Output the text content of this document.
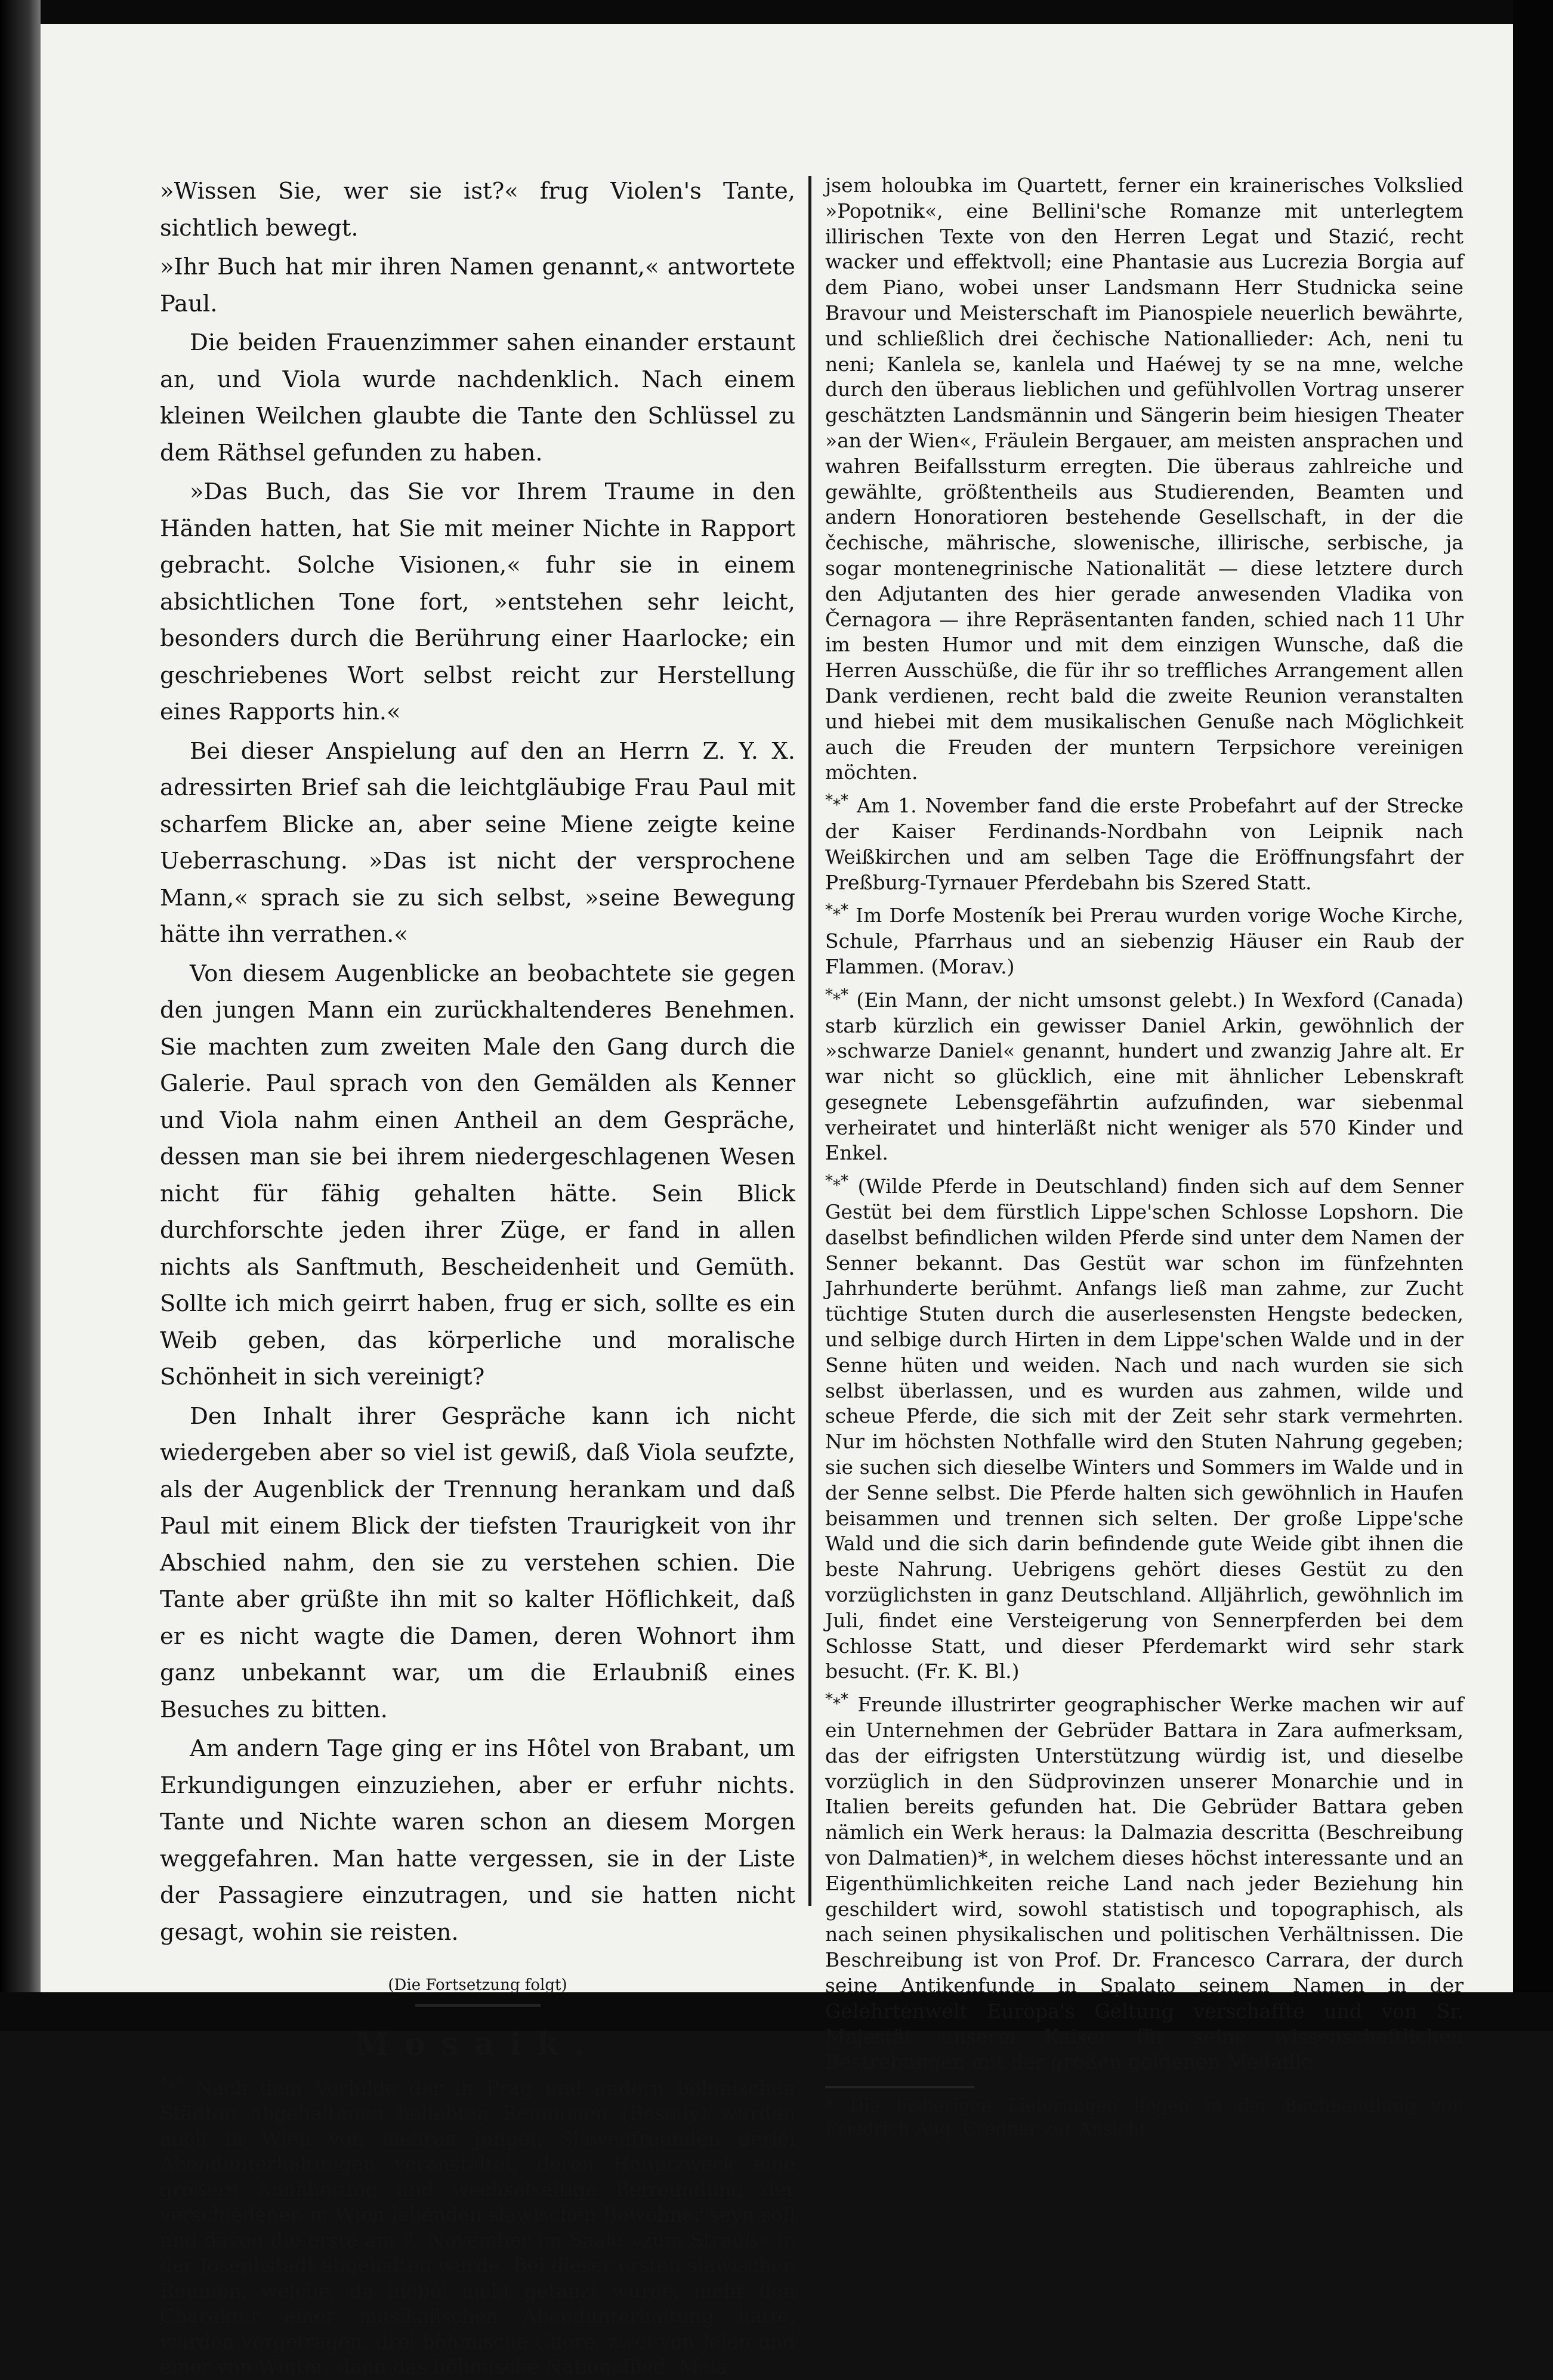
»Wissen Sie, wer sie ist?« frug Violen's Tante, sichtlich bewegt.

»Ihr Buch hat mir ihren Namen genannt,« antwortete Paul.

Die beiden Frauenzimmer sahen einander erstaunt an, und Viola wurde nachdenklich. Nach einem kleinen Weilchen glaubte die Tante den Schlüssel zu dem Räthsel gefunden zu haben.

»Das Buch, das Sie vor Ihrem Traume in den Händen hatten, hat Sie mit meiner Nichte in Rapport gebracht. Solche Visionen,« fuhr sie in einem absichtlichen Tone fort, »entstehen sehr leicht, besonders durch die Berührung einer Haarlocke; ein geschriebenes Wort selbst reicht zur Herstellung eines Rapports hin.«

Bei dieser Anspielung auf den an Herrn Z. Y. X. adressirten Brief sah die leichtgläubige Frau Paul mit scharfem Blicke an, aber seine Miene zeigte keine Ueberraschung. »Das ist nicht der versprochene Mann,« sprach sie zu sich selbst, »seine Bewegung hätte ihn verrathen.«

Von diesem Augenblicke an beobachtete sie gegen den jungen Mann ein zurückhaltenderes Benehmen. Sie machten zum zweiten Male den Gang durch die Galerie. Paul sprach von den Gemälden als Kenner und Viola nahm einen Antheil an dem Gespräche, dessen man sie bei ihrem niedergeschlagenen Wesen nicht für fähig gehalten hätte. Sein Blick durchforschte jeden ihrer Züge, er fand in allen nichts als Sanftmuth, Bescheidenheit und Gemüth. Sollte ich mich geirrt haben, frug er sich, sollte es ein Weib geben, das körperliche und moralische Schönheit in sich vereinigt?

Den Inhalt ihrer Gespräche kann ich nicht wiedergeben aber so viel ist gewiß, daß Viola seufzte, als der Augenblick der Trennung herankam und daß Paul mit einem Blick der tiefsten Traurigkeit von ihr Abschied nahm, den sie zu verstehen schien. Die Tante aber grüßte ihn mit so kalter Höflichkeit, daß er es nicht wagte die Damen, deren Wohnort ihm ganz unbekannt war, um die Erlaubniß eines Besuches zu bitten.

Am andern Tage ging er ins Hôtel von Brabant, um Erkundigungen einzuziehen, aber er erfuhr nichts. Tante und Nichte waren schon an diesem Morgen weggefahren. Man hatte vergessen, sie in der Liste der Passagiere einzutragen, und sie hatten nicht gesagt, wohin sie reisten.

(Die Fortsetzung folgt)
Mosaik.

*⁎* Nach dem Vorbilde der in Prag und andern böhmischen Städten abgehaltenen beliebten Reunionen (Besedy) wurden auch in Wien von mehren jungen Slawenfreunden derlei Abendunterhaltungen veranstaltet, deren Hauptzweck eine größere Annäherung und wechselseitige Befreundung der verschiedenen in Wien lebenden slawischen Bewohner seyn soll und davon die erste am 7. November im Saale »zum Strauß« in der Josephstadt abgehalten wurde. Bei dieser ersten slawischen Reunion, welche, da hiebei nicht getanzt wurde, mehr den Charakter einer musikalischen Abendunterhaltung hatte, wurden vorgetragen: drei böhmische Chöre, zwei von Jelen und einer von Winter; dann das böhmische Nationallied: Mela

jsem holoubka im Quartett, ferner ein krainerisches Volkslied »Popotnik«, eine Bellini'sche Romanze mit unterlegtem illirischen Texte von den Herren Legat und Stazić, recht wacker und effektvoll; eine Phantasie aus Lucrezia Borgia auf dem Piano, wobei unser Landsmann Herr Studnicka seine Bravour und Meisterschaft im Pianospiele neuerlich bewährte, und schließlich drei čechische Nationallieder: Ach, neni tu neni; Kanlela se, kanlela und Haéwej ty se na mne, welche durch den überaus lieblichen und gefühlvollen Vortrag unserer geschätzten Landsmännin und Sängerin beim hiesigen Theater »an der Wien«, Fräulein Bergauer, am meisten ansprachen und wahren Beifallssturm erregten. Die überaus zahlreiche und gewählte, größtentheils aus Studierenden, Beamten und andern Honoratioren bestehende Gesellschaft, in der die čechische, mährische, slowenische, illirische, serbische, ja sogar montenegrinische Nationalität — diese letztere durch den Adjutanten des hier gerade anwesenden Vladika von Černagora — ihre Repräsentanten fanden, schied nach 11 Uhr im besten Humor und mit dem einzigen Wunsche, daß die Herren Ausschüße, die für ihr so treffliches Arrangement allen Dank verdienen, recht bald die zweite Reunion veranstalten und hiebei mit dem musikalischen Genuße nach Möglichkeit auch die Freuden der muntern Terpsichore vereinigen möchten.

*⁎* Am 1. November fand die erste Probefahrt auf der Strecke der Kaiser Ferdinands-Nordbahn von Leipnik nach Weißkirchen und am selben Tage die Eröffnungsfahrt der Preßburg-Tyrnauer Pferdebahn bis Szered Statt.

*⁎* Im Dorfe Mosteník bei Prerau wurden vorige Woche Kirche, Schule, Pfarrhaus und an siebenzig Häuser ein Raub der Flammen. (Morav.)

*⁎* (Ein Mann, der nicht umsonst gelebt.) In Wexford (Canada) starb kürzlich ein gewisser Daniel Arkin, gewöhnlich der »schwarze Daniel« genannt, hundert und zwanzig Jahre alt. Er war nicht so glücklich, eine mit ähnlicher Lebenskraft gesegnete Lebensgefährtin aufzufinden, war siebenmal verheiratet und hinterläßt nicht weniger als 570 Kinder und Enkel.

*⁎* (Wilde Pferde in Deutschland) finden sich auf dem Senner Gestüt bei dem fürstlich Lippe'schen Schlosse Lopshorn. Die daselbst befindlichen wilden Pferde sind unter dem Namen der Senner bekannt. Das Gestüt war schon im fünfzehnten Jahrhunderte berühmt. Anfangs ließ man zahme, zur Zucht tüchtige Stuten durch die auserlesensten Hengste bedecken, und selbige durch Hirten in dem Lippe'schen Walde und in der Senne hüten und weiden. Nach und nach wurden sie sich selbst überlassen, und es wurden aus zahmen, wilde und scheue Pferde, die sich mit der Zeit sehr stark vermehrten. Nur im höchsten Nothfalle wird den Stuten Nahrung gegeben; sie suchen sich dieselbe Winters und Sommers im Walde und in der Senne selbst. Die Pferde halten sich gewöhnlich in Haufen beisammen und trennen sich selten. Der große Lippe'sche Wald und die sich darin befindende gute Weide gibt ihnen die beste Nahrung. Uebrigens gehört dieses Gestüt zu den vorzüglichsten in ganz Deutschland. Alljährlich, gewöhnlich im Juli, findet eine Versteigerung von Sennerpferden bei dem Schlosse Statt, und dieser Pferdemarkt wird sehr stark besucht. (Fr. K. Bl.)

*⁎* Freunde illustrirter geographischer Werke machen wir auf ein Unternehmen der Gebrüder Battara in Zara aufmerksam, das der eifrigsten Unterstützung würdig ist, und dieselbe vorzüglich in den Südprovinzen unserer Monarchie und in Italien bereits gefunden hat. Die Gebrüder Battara geben nämlich ein Werk heraus: la Dalmazia descritta (Beschreibung von Dalmatien)*, in welchem dieses höchst interessante und an Eigenthümlichkeiten reiche Land nach jeder Beziehung hin geschildert wird, sowohl statistisch und topographisch, als nach seinen physikalischen und politischen Verhältnissen. Die Beschreibung ist von Prof. Dr. Francesco Carrara, der durch seine Antikenfunde in Spalato seinem Namen in der Gelehrtenwelt Europa's Geltung verschaffte und von Sr. Majestät unserm Kaiser für seine wissenschaftlichen Bestrebungen mit der großen goldenen Medaille

* Die bisherigen Lieferungen liegen in der Buchhandlung von Friedrich Aug. Credner zur Ansicht.
